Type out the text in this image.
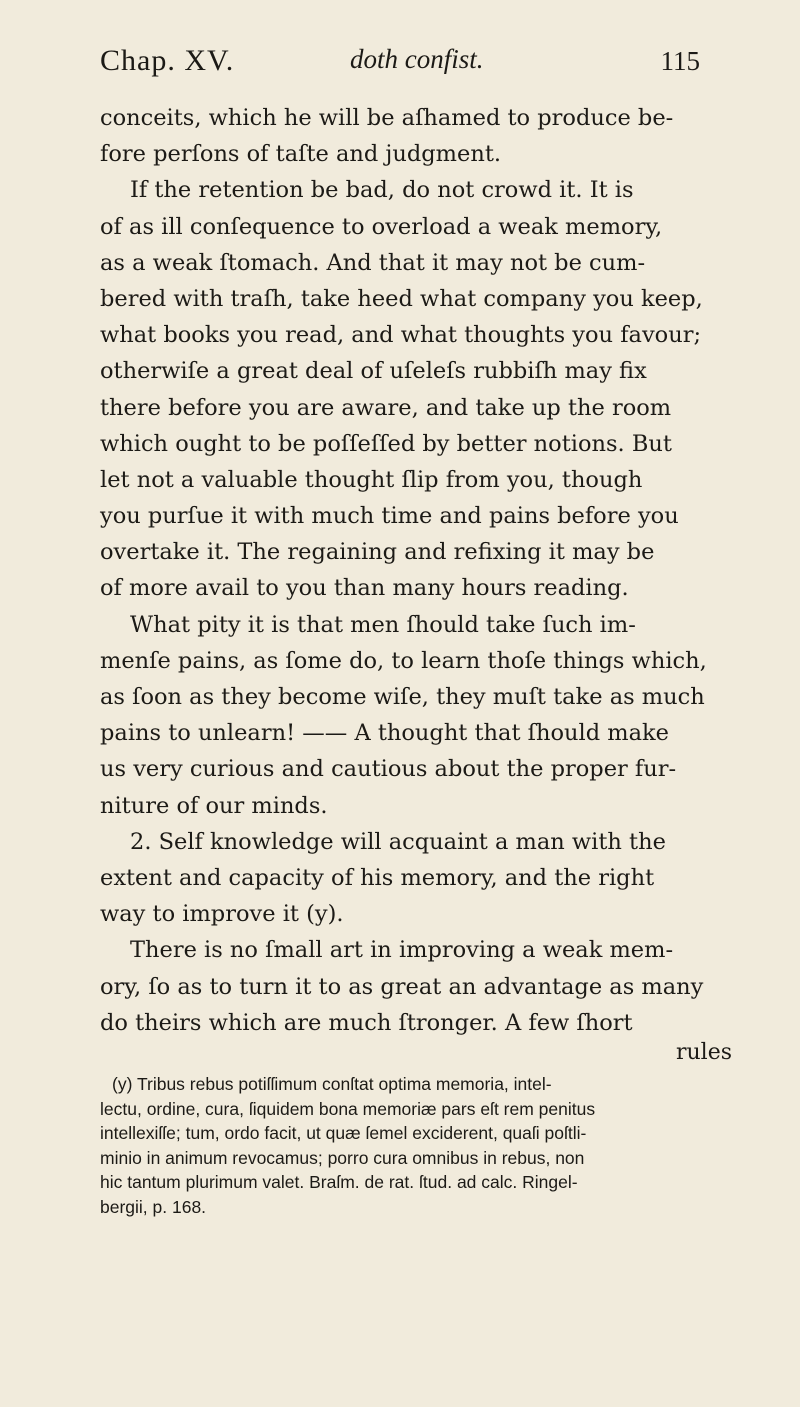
Chap. XV.	doth confist.	115
conceits, which he will be aſhamed to produce be-
fore perſons of taſte and judgment.
If the retention be bad, do not crowd it. It is
of as ill conſequence to overload a weak memory,
as a weak ſtomach. And that it may not be cum-
bered with traſh, take heed what company you keep,
what books you read, and what thoughts you favour;
otherwiſe a great deal of uſeleſs rubbiſh may fix
there before you are aware, and take up the room
which ought to be poſſeſſed by better notions. But
let not a valuable thought ſlip from you, though
you purſue it with much time and pains before you
overtake it. The regaining and refixing it may be
of more avail to you than many hours reading.
What pity it is that men ſhould take ſuch im-
menſe pains, as ſome do, to learn thoſe things which,
as ſoon as they become wiſe, they muſt take as much
pains to unlearn! —— A thought that ſhould make
us very curious and cautious about the proper fur-
niture of our minds.
2. Self knowledge will acquaint a man with the
extent and capacity of his memory, and the right
way to improve it (y).
There is no ſmall art in improving a weak mem-
ory, ſo as to turn it to as great an advantage as many
do theirs which are much ſtronger. A few ſhort
rules
(y) Tribus rebus potiſſimum conſtat optima memoria, intel-
lectu, ordine, cura, ſiquidem bona memoriæ pars eſt rem penitus
intellexiſſe; tum, ordo facit, ut quæ ſemel exciderent, quaſi poſtli-
minio in animum revocamus; porro cura omnibus in rebus, non
hic tantum plurimum valet. Braſm. de rat. ſtud. ad calc. Ringel-
bergii, p. 168.
